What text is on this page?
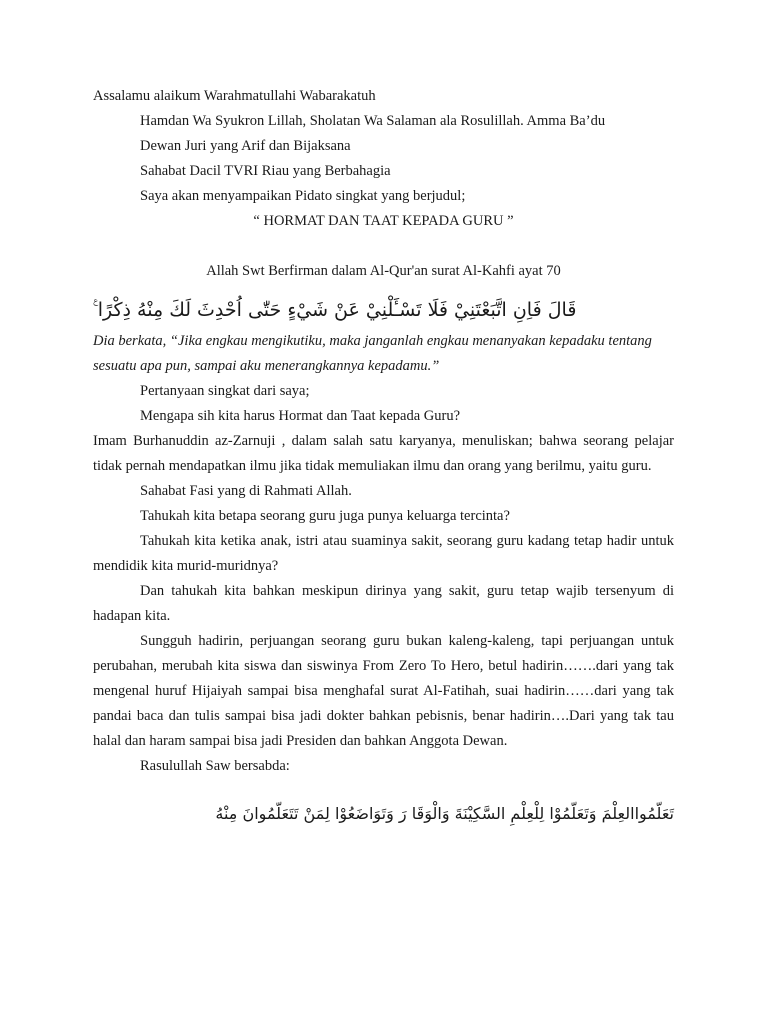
Assalamu alaikum Warahmatullahi Wabarakatuh

Hamdan Wa Syukron Lillah, Sholatan Wa Salaman ala Rosulillah. Amma Ba’du

Dewan Juri yang Arif dan Bijaksana

Sahabat Dacil TVRI Riau yang Berbahagia

Saya akan menyampaikan Pidato singkat yang berjudul;

“ HORMAT DAN TAAT KEPADA GURU ”

Allah Swt Berfirman dalam Al-Qur'an surat Al-Kahfi ayat 70

قَالَ فَاِنِ اتَّبَعْتَنِيْ فَلَا تَسْـَٔلْنِيْ عَنْ شَيْءٍ حَتّٰى اُحْدِثَ لَكَ مِنْهُ ذِكْرًا ࣖ

Dia berkata, “Jika engkau mengikutiku, maka janganlah engkau menanyakan kepadaku tentang sesuatu apa pun, sampai aku menerangkannya kepadamu.”

Pertanyaan singkat dari saya;

Mengapa sih kita harus Hormat dan Taat kepada Guru?

Imam Burhanuddin az-Zarnuji , dalam salah satu karyanya, menuliskan; bahwa seorang pelajar tidak pernah mendapatkan ilmu jika tidak memuliakan ilmu dan orang yang berilmu, yaitu guru.

Sahabat Fasi yang di Rahmati Allah.

Tahukah kita betapa seorang guru juga punya keluarga tercinta?

Tahukah kita ketika anak, istri atau suaminya sakit, seorang guru kadang tetap hadir untuk mendidik kita murid-muridnya?

Dan tahukah kita bahkan meskipun dirinya yang sakit, guru tetap wajib tersenyum di hadapan kita.

Sungguh hadirin, perjuangan seorang guru bukan kaleng-kaleng, tapi perjuangan untuk perubahan, merubah kita siswa dan siswinya From Zero To Hero, betul hadirin…….dari yang tak mengenal huruf Hijaiyah sampai bisa menghafal surat Al-Fatihah, suai hadirin……dari yang tak pandai baca dan tulis sampai bisa jadi dokter bahkan pebisnis, benar hadirin….Dari yang tak tau halal dan haram sampai bisa jadi Presiden dan bahkan Anggota Dewan.

Rasulullah Saw bersabda:

تَعَلّمُواالعِلْمَ وَتَعَلّمُوْا لِلْعِلْمِ السَّكِيْنَةَ وَالْوَقَا رَ وَتَوَاضَعُوْا لِمَنْ تَتَعَلّمُوانَ مِنْهُ
